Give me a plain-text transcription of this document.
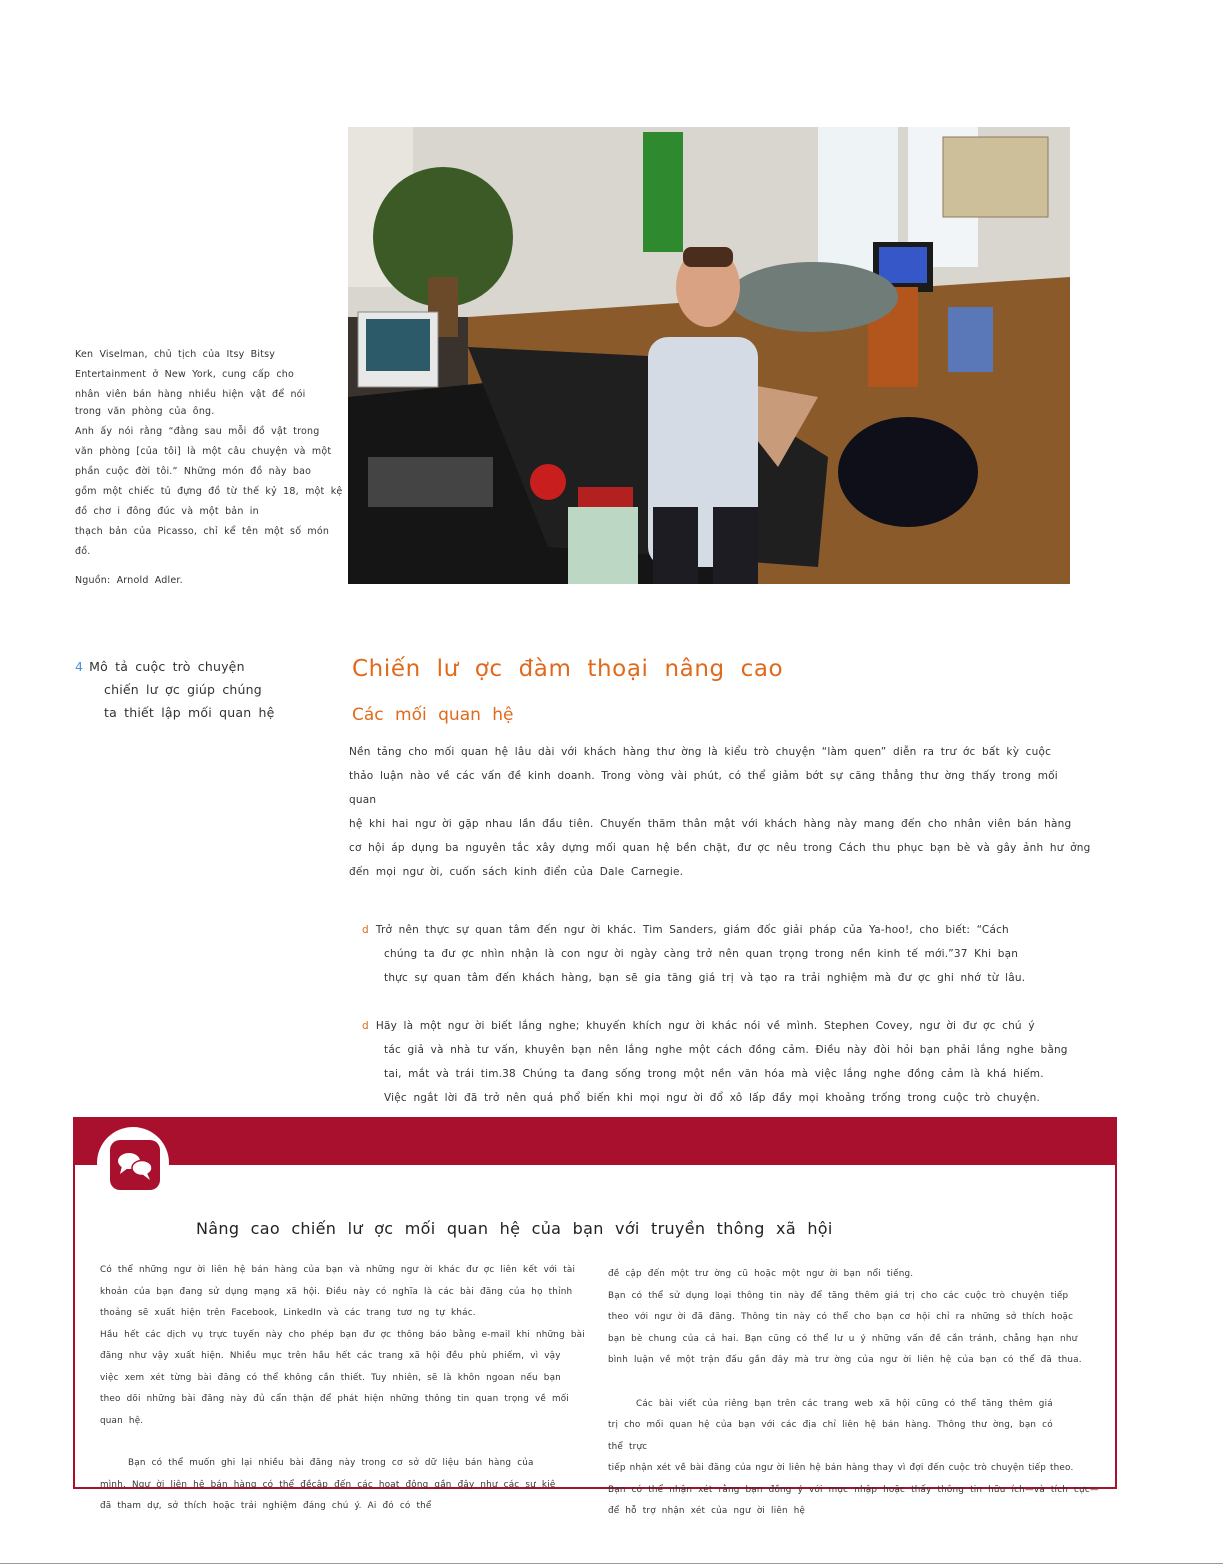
Ken Viselman, chủ tịch của Itsy Bitsy

Entertainment ở New York, cung cấp cho

nhân viên bán hàng nhiều hiện vật để nói

trong văn phòng của ông.

Anh ấy nói rằng “đằng sau mỗi đồ vật trong

văn phòng [của tôi] là một câu chuyện và một

phần cuộc đời tôi.” Những món đồ này bao

gồm một chiếc tủ đựng đồ từ thế kỷ 18, một kệ

đồ chơ i đông đúc và một bản in

thạch bản của Picasso, chỉ kể tên một số món đồ.

Nguồn: Arnold Adler.

4 Mô tả cuộc trò chuyện
chiến lư ợc giúp chúng
ta thiết lập mối quan hệ
Chiến lư ợc đàm thoại nâng cao
Các mối quan hệ

Nền tảng cho mối quan hệ lâu dài với khách hàng thư ờng là kiểu trò chuyện “làm quen” diễn ra trư ớc bất kỳ cuộc

thảo luận nào về các vấn đề kinh doanh. Trong vòng vài phút, có thể giảm bớt sự căng thẳng thư ờng thấy trong mối

quan

hệ khi hai ngư ời gặp nhau lần đầu tiên. Chuyến thăm thân mật với khách hàng này mang đến cho nhân viên bán hàng

cơ hội áp dụng ba nguyên tắc xây dựng mối quan hệ bền chặt, đư ợc nêu trong Cách thu phục bạn bè và gây ảnh hư ởng

đến mọi ngư ời, cuốn sách kinh điển của Dale Carnegie.

d Trở nên thực sự quan tâm đến ngư ời khác. Tim Sanders, giám đốc giải pháp của Ya-hoo!, cho biết: “Cách
chúng ta đư ợc nhìn nhận là con ngư ời ngày càng trở nên quan trọng trong nền kinh tế mới.”37 Khi bạn
thực sự quan tâm đến khách hàng, bạn sẽ gia tăng giá trị và tạo ra trải nghiệm mà đư ợc ghi nhớ từ lâu.
d Hãy là một ngư ời biết lắng nghe; khuyến khích ngư ời khác nói về mình. Stephen Covey, ngư ời đư ợc chú ý
tác giả và nhà tư vấn, khuyên bạn nên lắng nghe một cách đồng cảm. Điều này đòi hỏi bạn phải lắng nghe bằng
tai, mắt và trái tim.38 Chúng ta đang sống trong một nền văn hóa mà việc lắng nghe đồng cảm là khá hiếm.
Việc ngắt lời đã trở nên quá phổ biến khi mọi ngư ời đổ xô lấp đầy mọi khoảng trống trong cuộc trò chuyện.
Nâng cao chiến lư ợc mối quan hệ của bạn với truyền thông xã hội

Có thể những ngư ời liên hệ bán hàng của bạn và những ngư ời khác đư ợc liên kết với tài

khoản của bạn đang sử dụng mạng xã hội. Điều này có nghĩa là các bài đăng của họ thỉnh

thoảng sẽ xuất hiện trên Facebook, LinkedIn và các trang tươ ng tự khác.

Hầu hết các dịch vụ trực tuyến này cho phép bạn đư ợc thông báo bằng e-mail khi những bài

đăng như vậy xuất hiện. Nhiều mục trên hầu hết các trang xã hội đều phù phiếm, vì vậy

việc xem xét từng bài đăng có thể không cần thiết. Tuy nhiên, sẽ là khôn ngoan nếu bạn

theo dõi những bài đăng này đủ cẩn thận để phát hiện những thông tin quan trọng về mối

quan hệ.

Bạn có thể muốn ghi lại nhiều bài đăng này trong cơ sở dữ liệu bán hàng của

mình. Ngư ời liên hệ bán hàng có thể đềcập đến các hoạt động gần đây như các sự kiệ

đã tham dự, sở thích hoặc trải nghiệm đáng chú ý. Ai đó có thể

đề cập đến một trư ờng cũ hoặc một ngư ời bạn nổi tiếng.

Bạn có thể sử dụng loại thông tin này để tăng thêm giá trị cho các cuộc trò chuyện tiếp

theo với ngư ời đã đăng. Thông tin này có thể cho bạn cơ hội chỉ ra những sở thích hoặc

bạn bè chung của cả hai. Bạn cũng có thể lư u ý những vấn đề cần tránh, chẳng hạn như

bình luận về một trận đấu gần đây mà trư ờng của ngư ời liên hệ của bạn có thể đã thua.

Các bài viết của riêng bạn trên các trang web xã hội cũng có thể tăng thêm giá

trị cho mối quan hệ của bạn với các địa chỉ liên hệ bán hàng. Thông thư ờng, bạn có

thể trực

tiếp nhận xét về bài đăng của ngư ời liên hệ bán hàng thay vì đợi đến cuộc trò chuyện tiếp theo.

Bạn có thể nhận xét rằng bạn đồng ý với mục nhập hoặc thấy thông tin hữu ích—và tích cực—

để hỗ trợ nhận xét của ngư ời liên hệ
